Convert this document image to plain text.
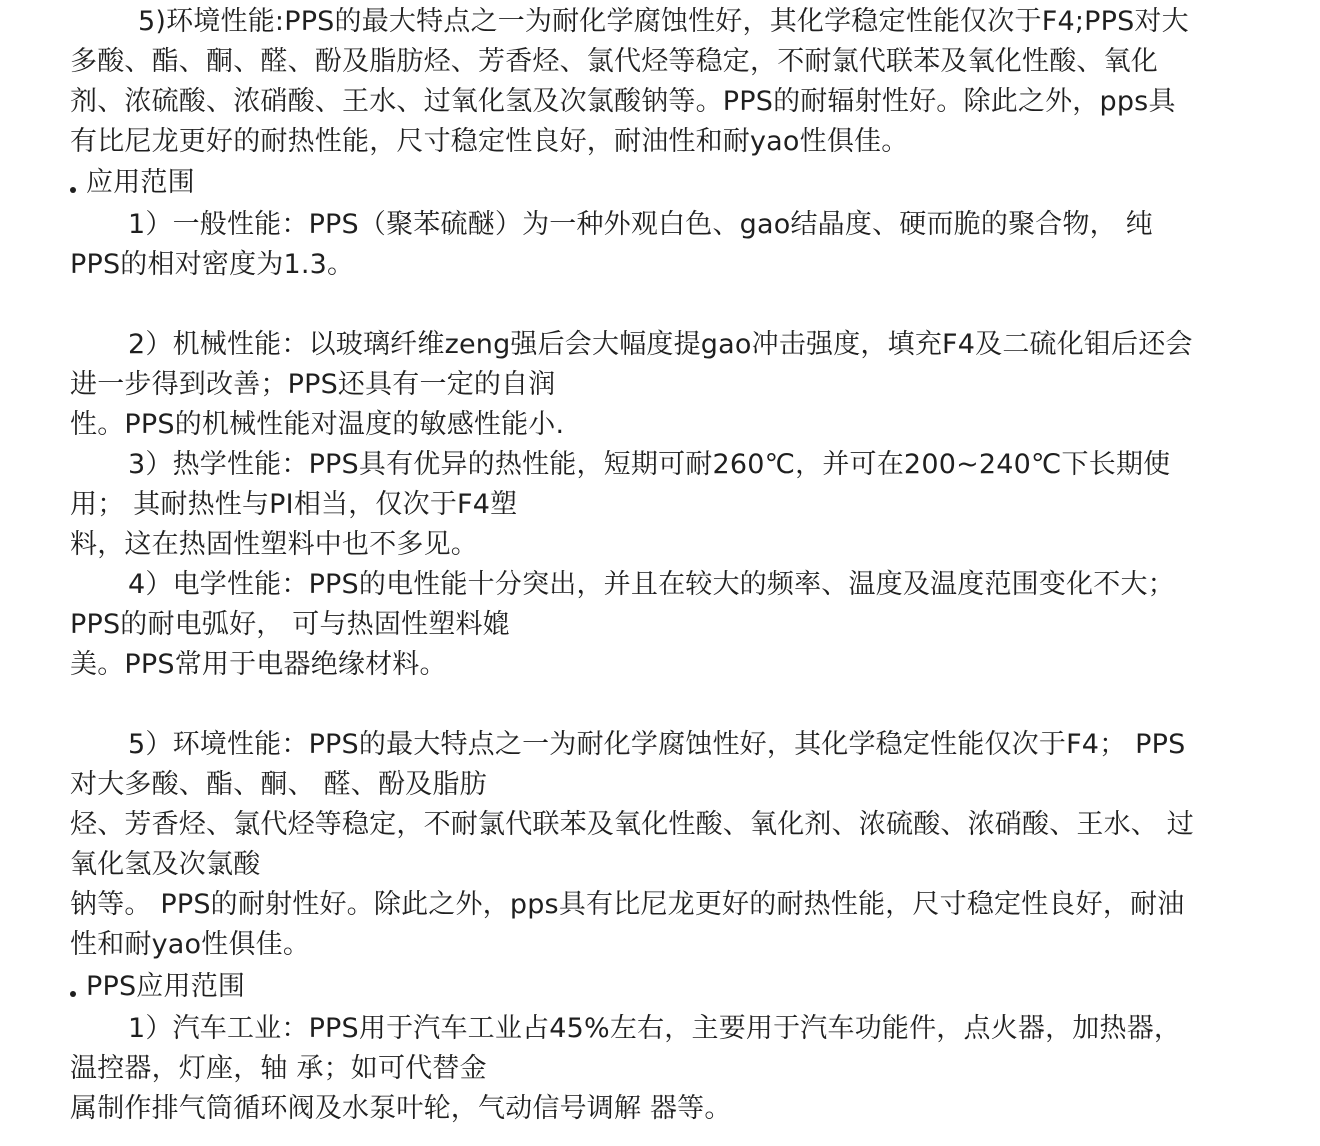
5)环境性能:PPS的最大特点之一为耐化学腐蚀性好，其化学稳定性能仅次于F4;PPS对大
多酸、酯、酮、醛、酚及脂肪烃、芳香烃、氯代烃等稳定，不耐氯代联苯及氧化性酸、氧化
剂、浓硫酸、浓硝酸、王水、过氧化氢及次氯酸钠等。PPS的耐辐射性好。除此之外，pps具
有比尼龙更好的耐热性能，尺寸稳定性良好，耐油性和耐yao性俱佳。
应用范围
1）一般性能：PPS（聚苯硫醚）为一种外观白色、gao结晶度、硬而脆的聚合物， 纯
PPS的相对密度为1.3。
2）机械性能：以玻璃纤维zeng强后会大幅度提gao冲击强度，填充F4及二硫化钼后还会
进一步得到改善；PPS还具有一定的自润
性。PPS的机械性能对温度的敏感性能小.
3）热学性能：PPS具有优异的热性能，短期可耐260℃，并可在200~240℃下长期使
用； 其耐热性与PI相当，仅次于F4塑
料，这在热固性塑料中也不多见。
4）电学性能：PPS的电性能十分突出，并且在较大的频率、温度及温度范围变化不大；
PPS的耐电弧好， 可与热固性塑料媲
美。PPS常用于电器绝缘材料。
5）环境性能：PPS的最大特点之一为耐化学腐蚀性好，其化学稳定性能仅次于F4； PPS
对大多酸、酯、酮、 醛、酚及脂肪
烃、芳香烃、氯代烃等稳定，不耐氯代联苯及氧化性酸、氧化剂、浓硫酸、浓硝酸、王水、 过
氧化氢及次氯酸
钠等。 PPS的耐射性好。除此之外，pps具有比尼龙更好的耐热性能，尺寸稳定性良好，耐油
性和耐yao性俱佳。
PPS应用范围
1）汽车工业：PPS用于汽车工业占45%左右，主要用于汽车功能件，点火器，加热器，
温控器，灯座，轴 承；如可代替金
属制作排气筒循环阀及水泵叶轮，气动信号调解 器等。
